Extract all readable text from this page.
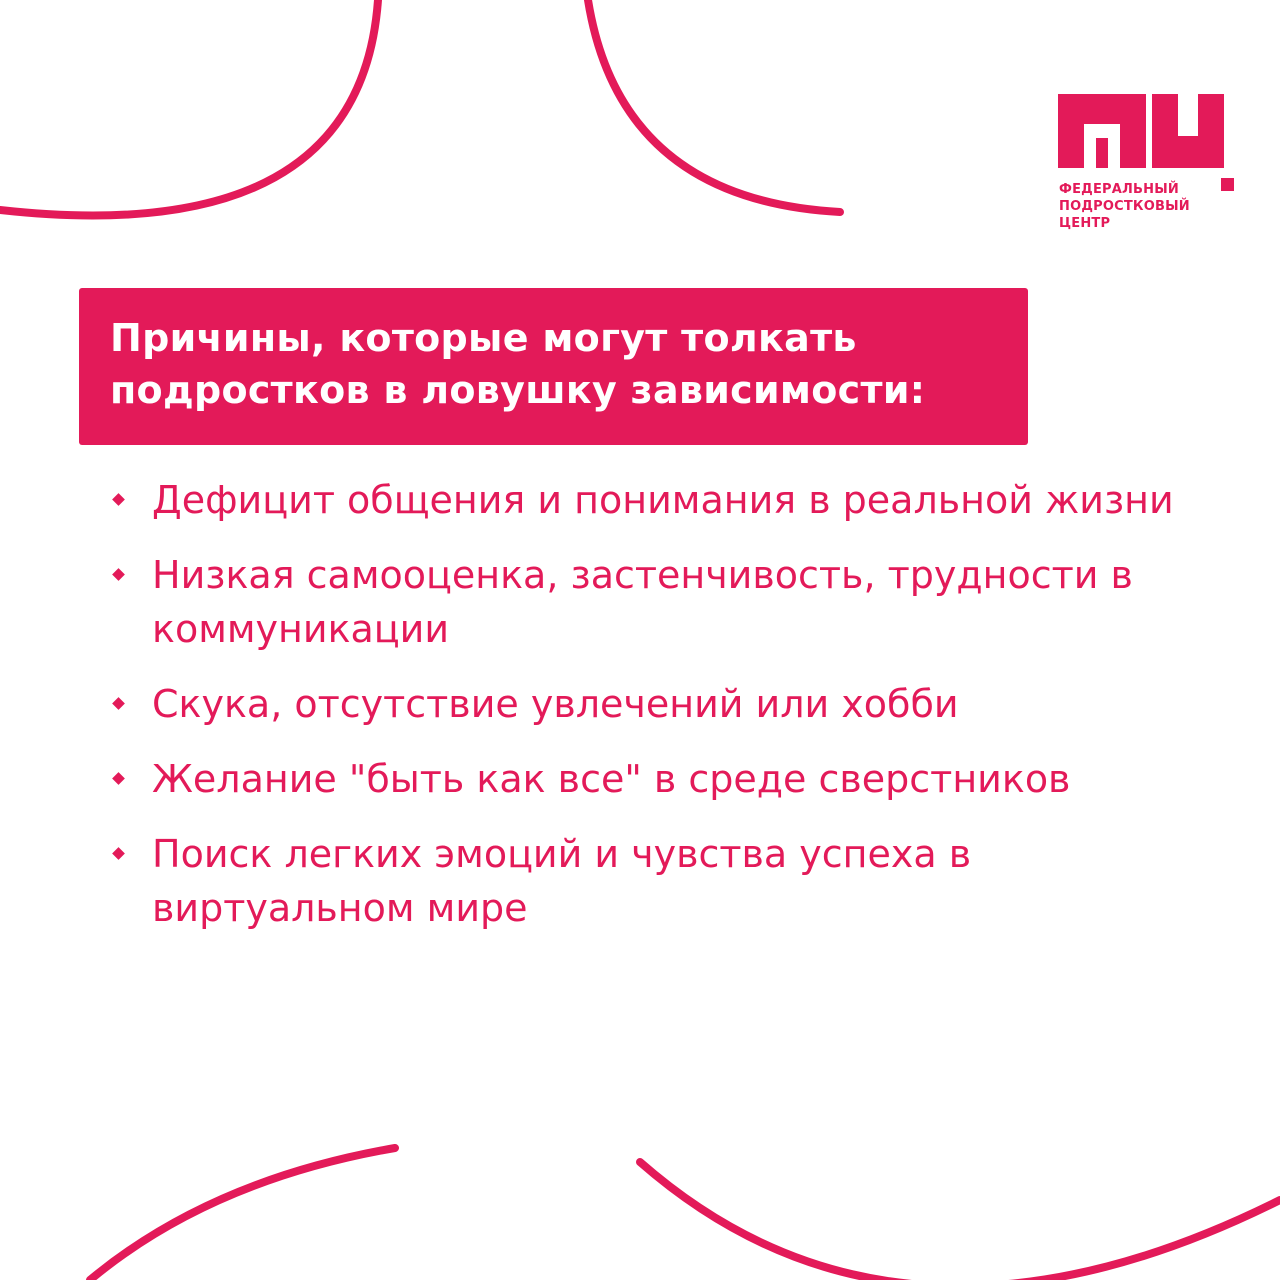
ФЕДЕРАЛЬНЫЙ
ПОДРОСТКОВЫЙ
ЦЕНТР
Причины, которые могут толкать
подростков в ловушку зависимости:
Дефицит общения и понимания в реальной жизни
Низкая самооценка, застенчивость, трудности в коммуникации
Скука, отсутствие увлечений или хобби
Желание "быть как все" в среде сверстников
Поиск легких эмоций и чувства успеха в виртуальном мире
